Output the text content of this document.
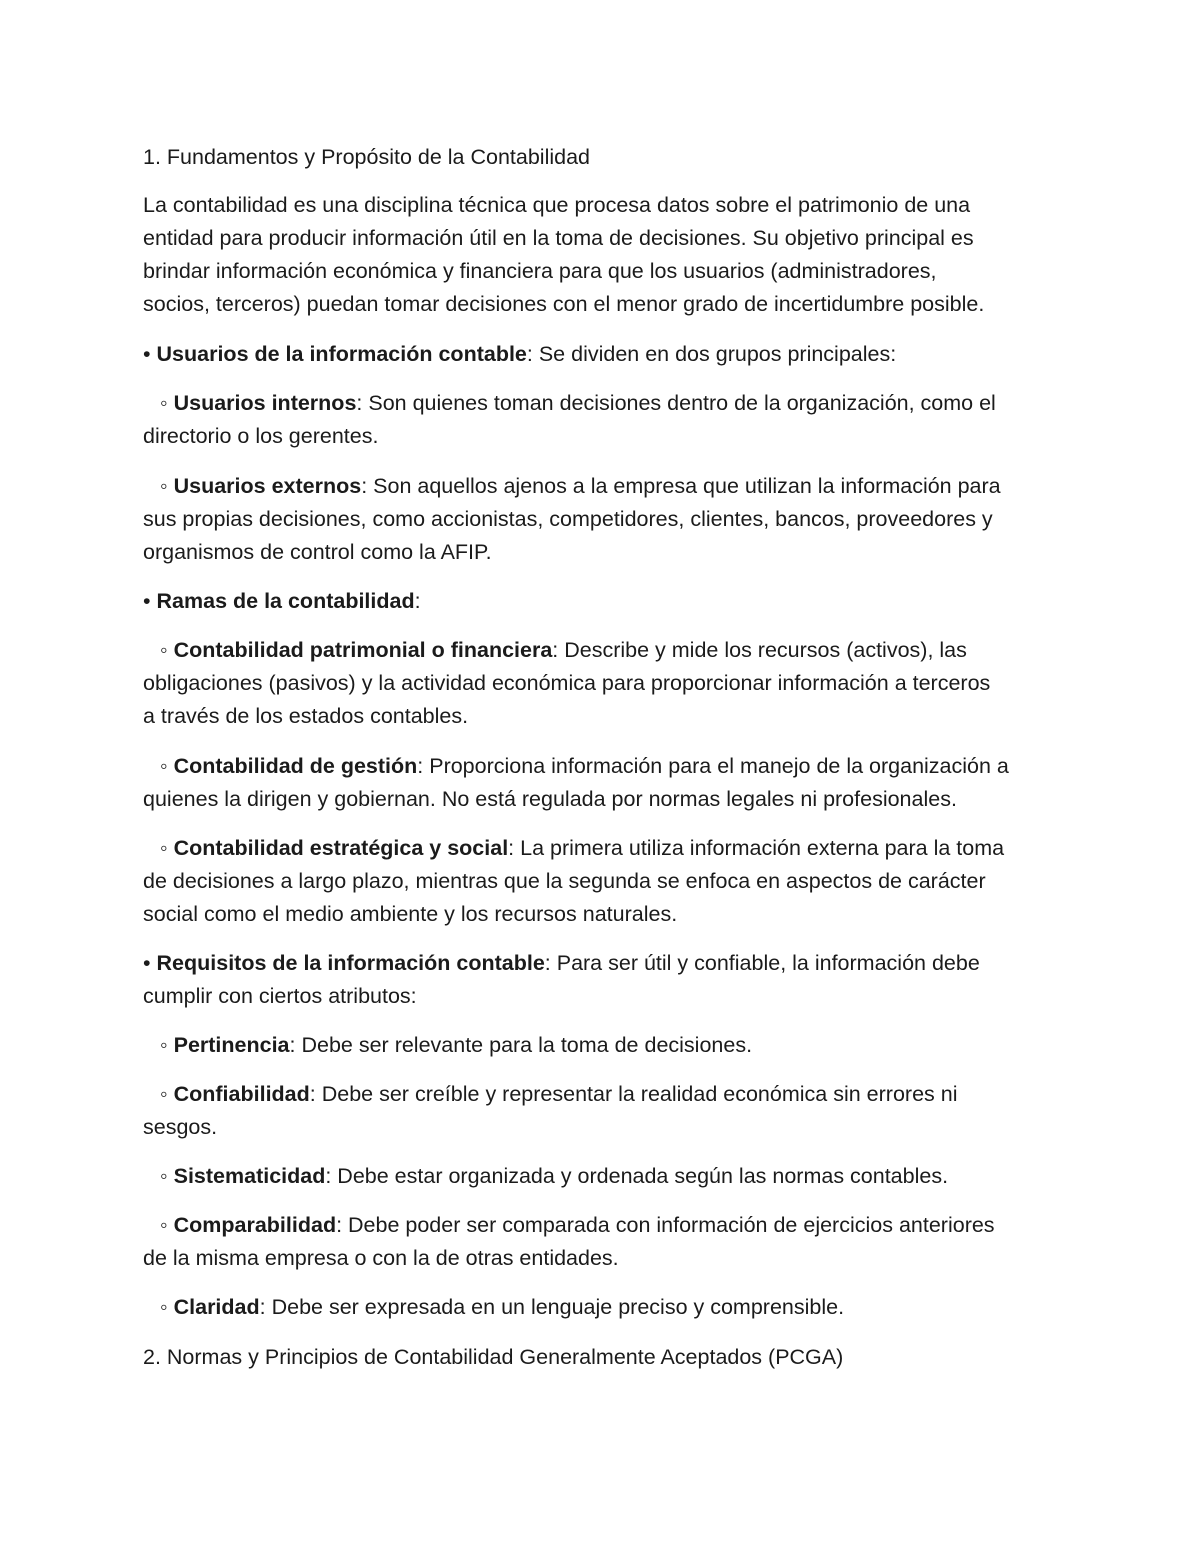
1. Fundamentos y Propósito de la Contabilidad

La contabilidad es una disciplina técnica que procesa datos sobre el patrimonio de una

entidad para producir información útil en la toma de decisiones. Su objetivo principal es

brindar información económica y financiera para que los usuarios (administradores,

socios, terceros) puedan tomar decisiones con el menor grado de incertidumbre posible.

• Usuarios de la información contable: Se dividen en dos grupos principales:

◦ Usuarios internos: Son quienes toman decisiones dentro de la organización, como el

directorio o los gerentes.

◦ Usuarios externos: Son aquellos ajenos a la empresa que utilizan la información para

sus propias decisiones, como accionistas, competidores, clientes, bancos, proveedores y

organismos de control como la AFIP.

• Ramas de la contabilidad:

◦ Contabilidad patrimonial o financiera: Describe y mide los recursos (activos), las

obligaciones (pasivos) y la actividad económica para proporcionar información a terceros

a través de los estados contables.

◦ Contabilidad de gestión: Proporciona información para el manejo de la organización a

quienes la dirigen y gobiernan. No está regulada por normas legales ni profesionales.

◦ Contabilidad estratégica y social: La primera utiliza información externa para la toma

de decisiones a largo plazo, mientras que la segunda se enfoca en aspectos de carácter

social como el medio ambiente y los recursos naturales.

• Requisitos de la información contable: Para ser útil y confiable, la información debe

cumplir con ciertos atributos:

◦ Pertinencia: Debe ser relevante para la toma de decisiones.

◦ Confiabilidad: Debe ser creíble y representar la realidad económica sin errores ni

sesgos.

◦ Sistematicidad: Debe estar organizada y ordenada según las normas contables.

◦ Comparabilidad: Debe poder ser comparada con información de ejercicios anteriores

de la misma empresa o con la de otras entidades.

◦ Claridad: Debe ser expresada en un lenguaje preciso y comprensible.

2. Normas y Principios de Contabilidad Generalmente Aceptados (PCGA)
